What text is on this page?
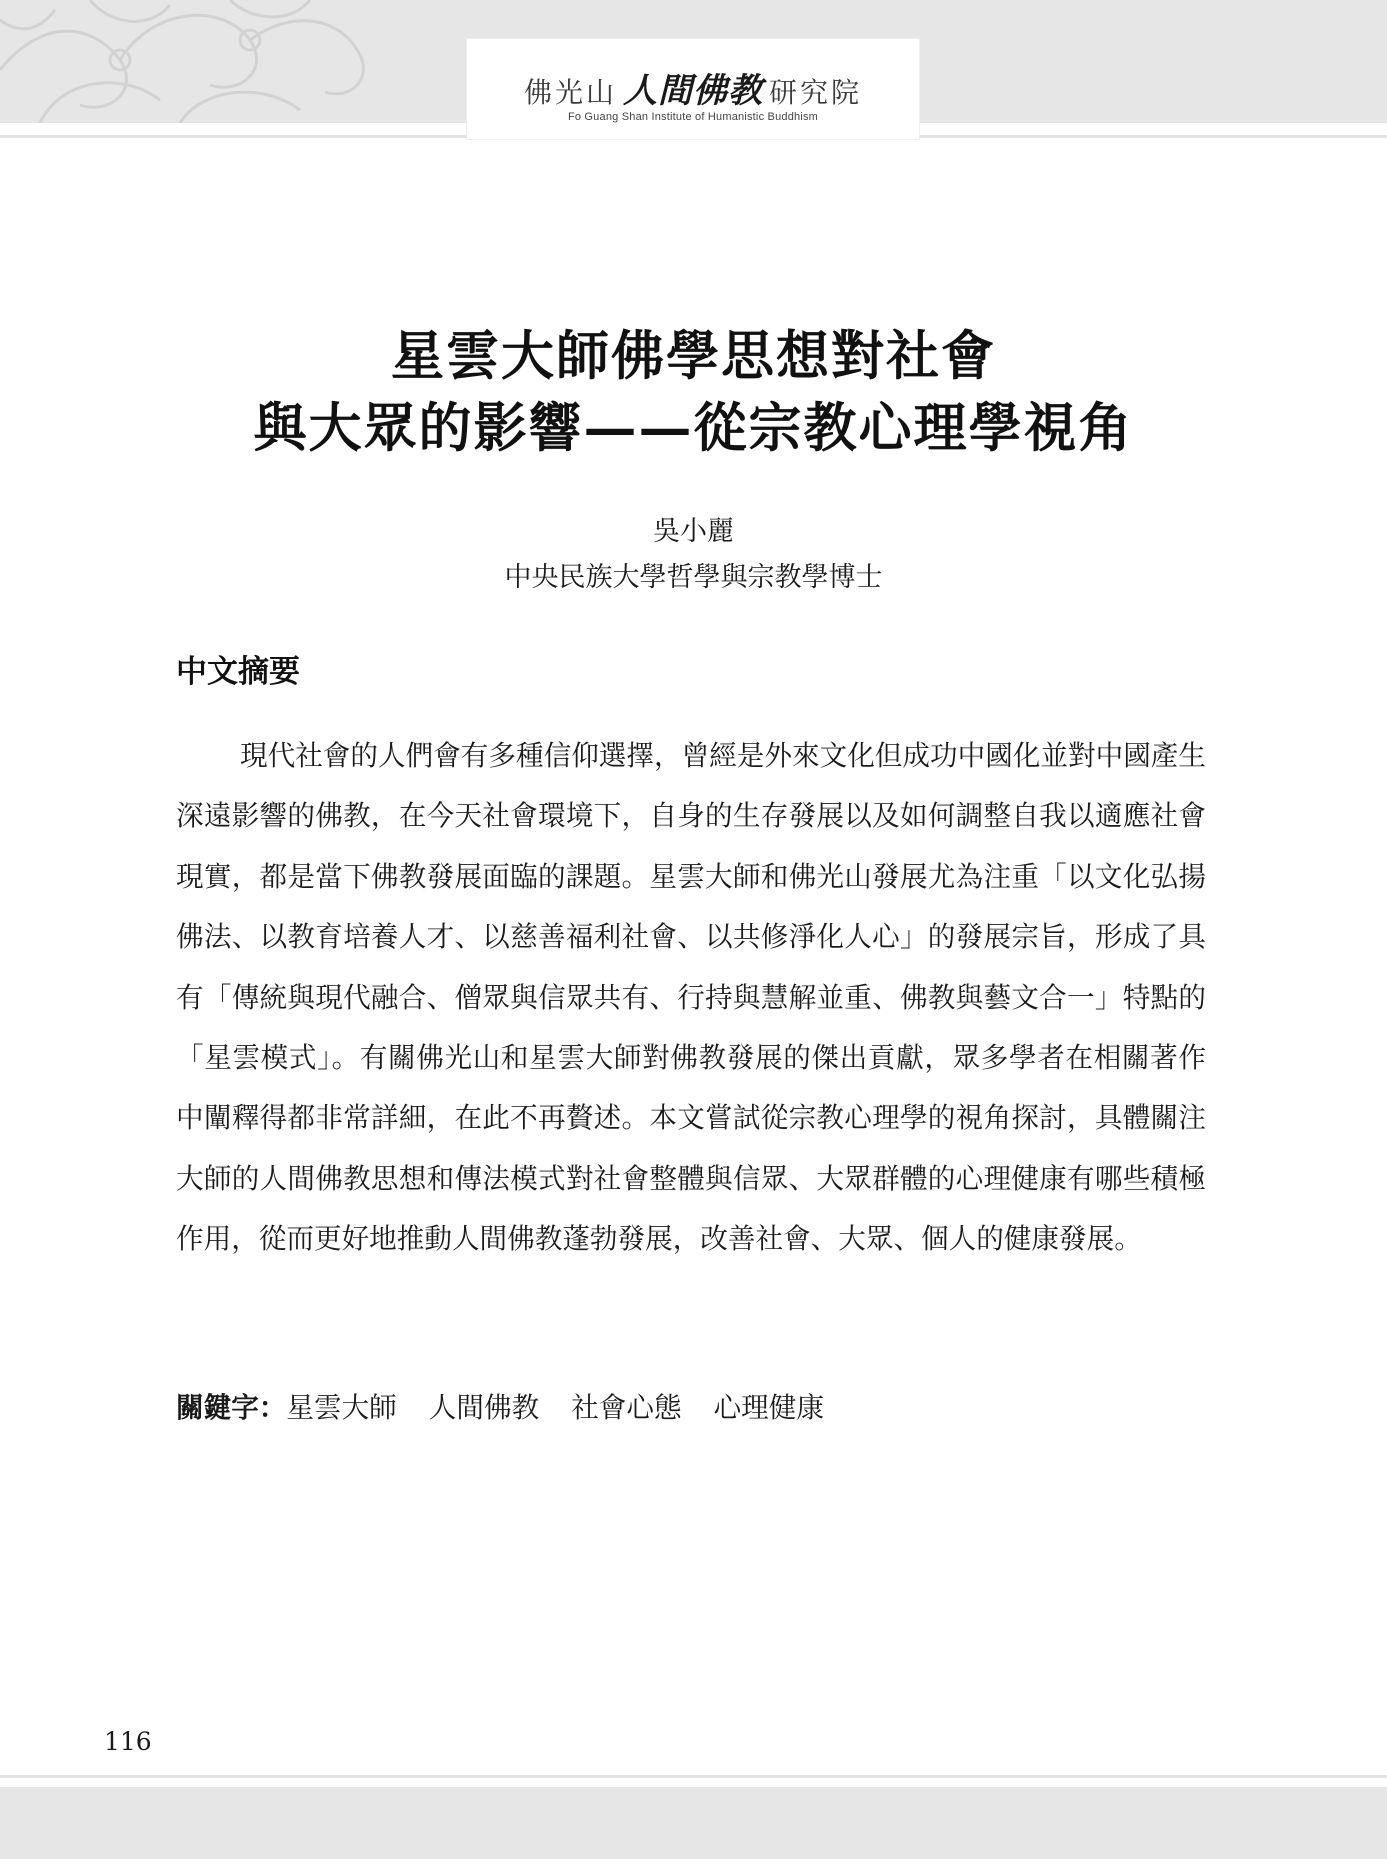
佛光山 人間佛教 研究院
Fo Guang Shan Institute of Humanistic Buddhism
星雲大師佛學思想對社會
與大眾的影響——從宗教心理學視角
吳小麗
中央民族大學哲學與宗教學博士
中文摘要

現代社會的人們會有多種信仰選擇，曾經是外來文化但成功中國化並對中國產生深遠影響的佛教，在今天社會環境下，自身的生存發展以及如何調整自我以適應社會現實，都是當下佛教發展面臨的課題。星雲大師和佛光山發展尤為注重「以文化弘揚佛法、以教育培養人才、以慈善福利社會、以共修淨化人心」的發展宗旨，形成了具有「傳統與現代融合、僧眾與信眾共有、行持與慧解並重、佛教與藝文合一」特點的「星雲模式」。有關佛光山和星雲大師對佛教發展的傑出貢獻，眾多學者在相關著作中闡釋得都非常詳細，在此不再贅述。本文嘗試從宗教心理學的視角探討，具體關注大師的人間佛教思想和傳法模式對社會整體與信眾、大眾群體的心理健康有哪些積極作用，從而更好地推動人間佛教蓬勃發展，改善社會、大眾、個人的健康發展。

關鍵字：星雲大師 人間佛教 社會心態 心理健康
116
